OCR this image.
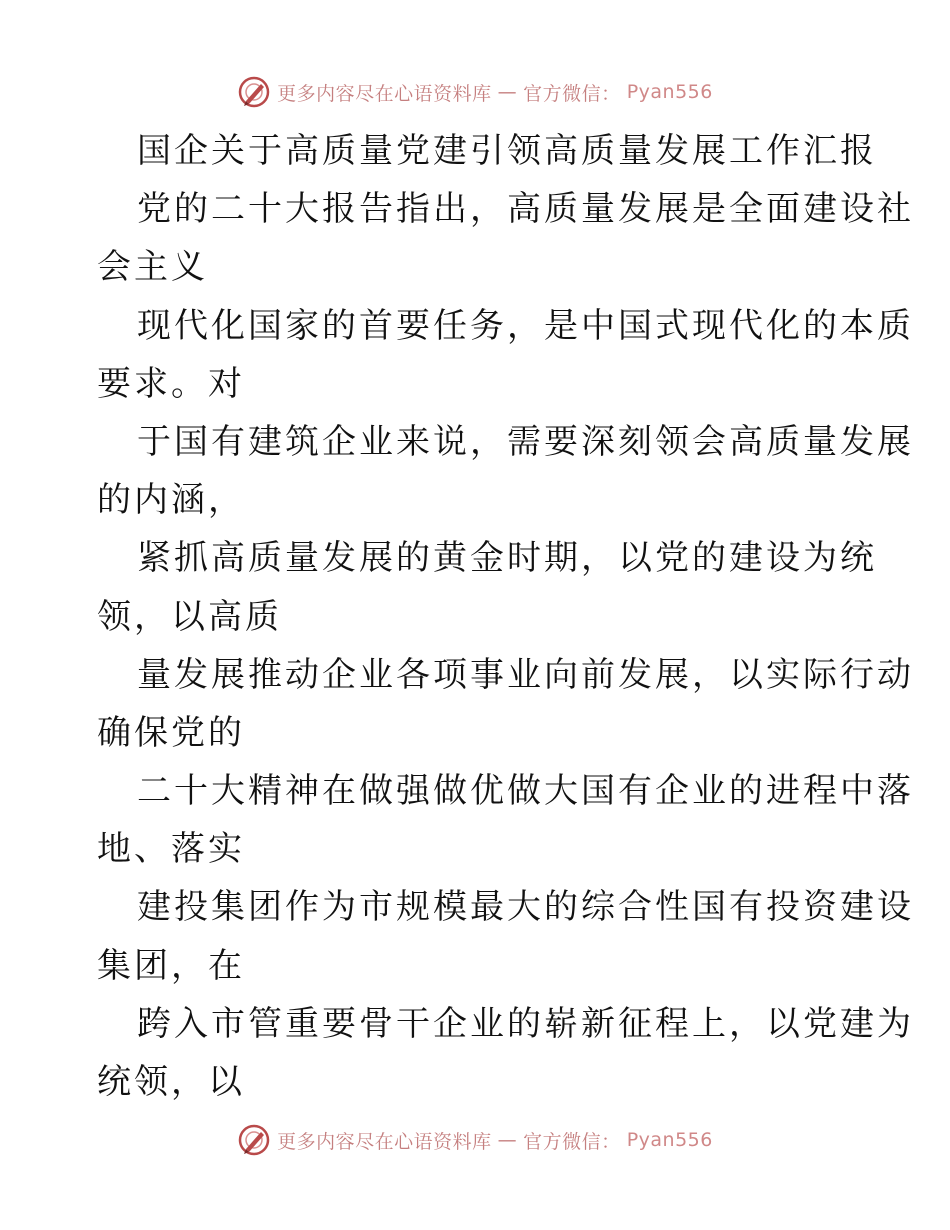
更多内容尽在心语资料库 — 官方微信： Pyan556
国企关于高质量党建引领高质量发展工作汇报
党的二十大报告指出，高质量发展是全面建设社
会主义
现代化国家的首要任务，是中国式现代化的本质
要求。对
于国有建筑企业来说，需要深刻领会高质量发展
的内涵，
紧抓高质量发展的黄金时期，以党的建设为统
领，以高质
量发展推动企业各项事业向前发展，以实际行动
确保党的
二十大精神在做强做优做大国有企业的进程中落
地、落实
建投集团作为市规模最大的综合性国有投资建设
集团，在
跨入市管重要骨干企业的崭新征程上，以党建为
统领，以
更多内容尽在心语资料库 — 官方微信： Pyan556
